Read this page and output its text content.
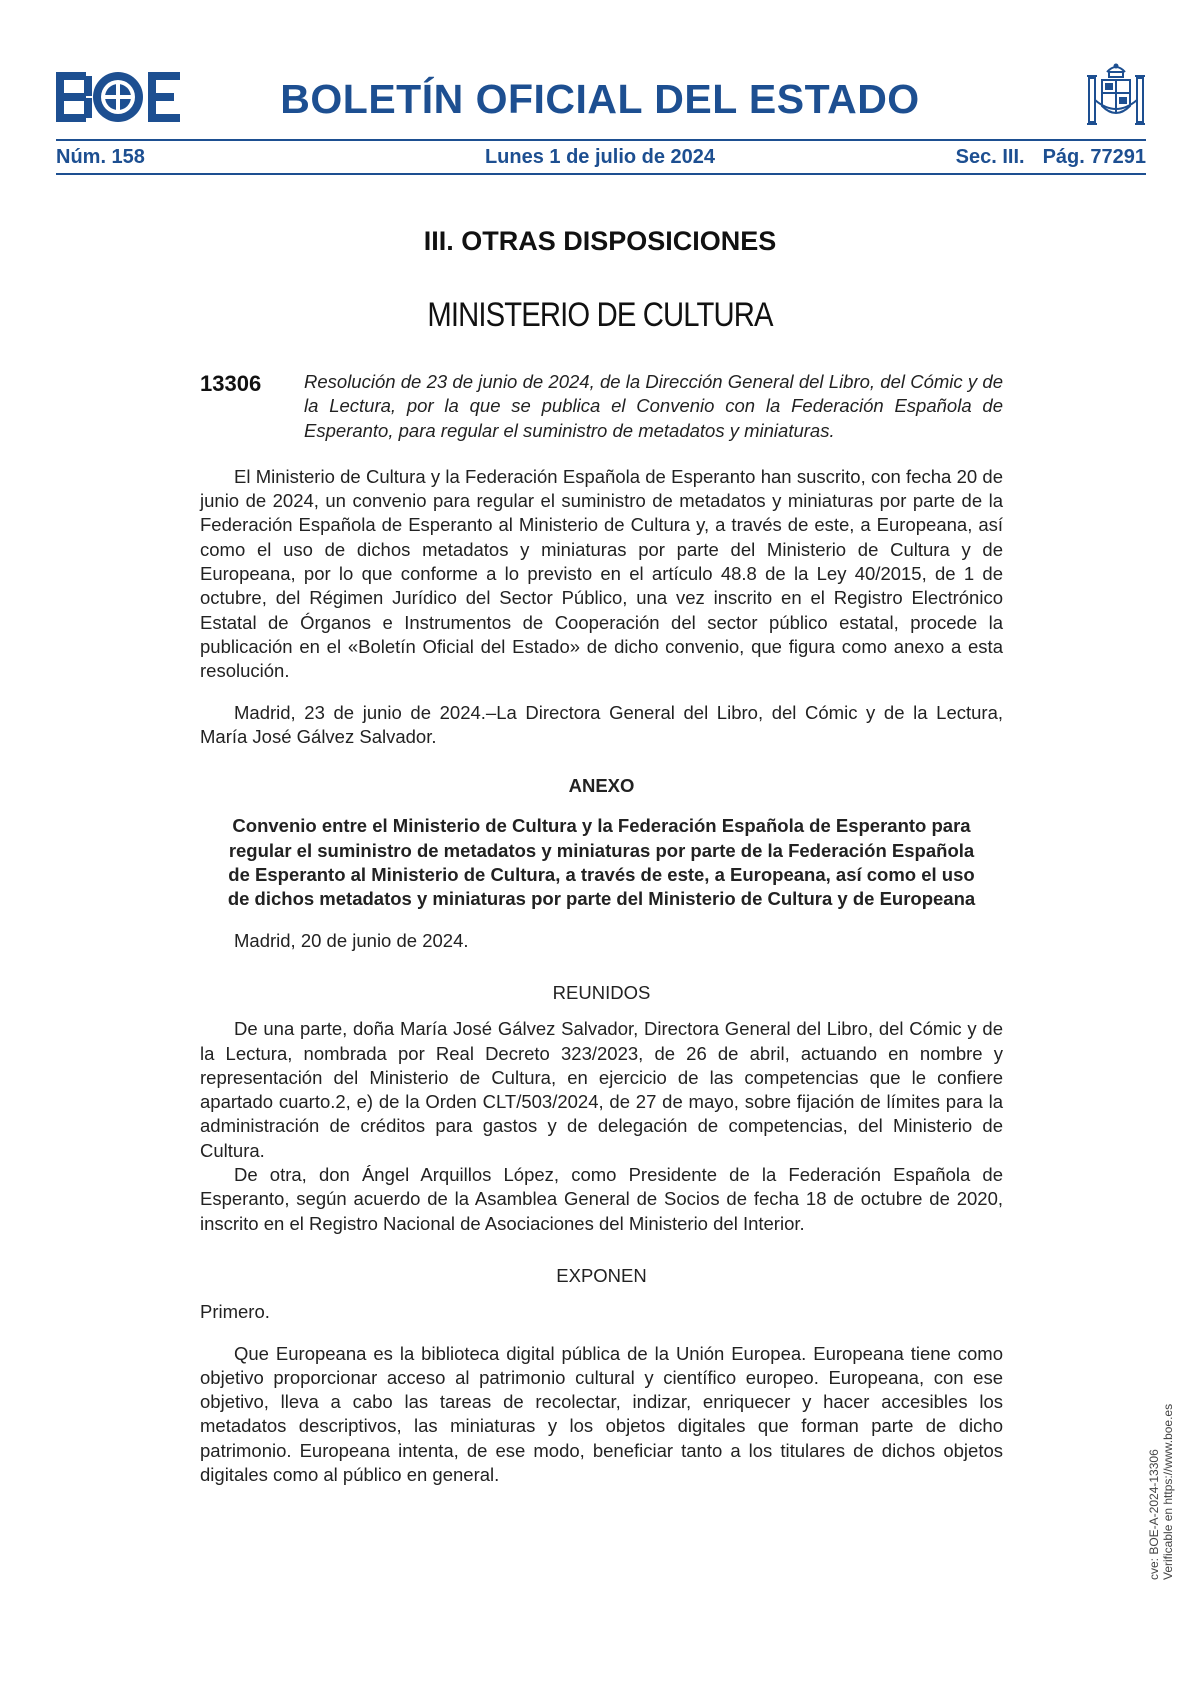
BOLETÍN OFICIAL DEL ESTADO
Núm. 158	Lunes 1 de julio de 2024	Sec. III. Pág. 77291
III. OTRAS DISPOSICIONES
MINISTERIO DE CULTURA
13306	Resolución de 23 de junio de 2024, de la Dirección General del Libro, del Cómic y de la Lectura, por la que se publica el Convenio con la Federación Española de Esperanto, para regular el suministro de metadatos y miniaturas.

El Ministerio de Cultura y la Federación Española de Esperanto han suscrito, con fecha 20 de junio de 2024, un convenio para regular el suministro de metadatos y miniaturas por parte de la Federación Española de Esperanto al Ministerio de Cultura y, a través de este, a Europeana, así como el uso de dichos metadatos y miniaturas por parte del Ministerio de Cultura y de Europeana, por lo que conforme a lo previsto en el artículo 48.8 de la Ley 40/2015, de 1 de octubre, del Régimen Jurídico del Sector Público, una vez inscrito en el Registro Electrónico Estatal de Órganos e Instrumentos de Cooperación del sector público estatal, procede la publicación en el «Boletín Oficial del Estado» de dicho convenio, que figura como anexo a esta resolución.

Madrid, 23 de junio de 2024.–La Directora General del Libro, del Cómic y de la Lectura, María José Gálvez Salvador.

ANEXO
Convenio entre el Ministerio de Cultura y la Federación Española de Esperanto para regular el suministro de metadatos y miniaturas por parte de la Federación Española de Esperanto al Ministerio de Cultura, a través de este, a Europeana, así como el uso de dichos metadatos y miniaturas por parte del Ministerio de Cultura y de Europeana

Madrid, 20 de junio de 2024.

REUNIDOS

De una parte, doña María José Gálvez Salvador, Directora General del Libro, del Cómic y de la Lectura, nombrada por Real Decreto 323/2023, de 26 de abril, actuando en nombre y representación del Ministerio de Cultura, en ejercicio de las competencias que le confiere apartado cuarto.2, e) de la Orden CLT/503/2024, de 27 de mayo, sobre fijación de límites para la administración de créditos para gastos y de delegación de competencias, del Ministerio de Cultura.

De otra, don Ángel Arquillos López, como Presidente de la Federación Española de Esperanto, según acuerdo de la Asamblea General de Socios de fecha 18 de octubre de 2020, inscrito en el Registro Nacional de Asociaciones del Ministerio del Interior.

EXPONEN

Primero.

Que Europeana es la biblioteca digital pública de la Unión Europea. Europeana tiene como objetivo proporcionar acceso al patrimonio cultural y científico europeo. Europeana, con ese objetivo, lleva a cabo las tareas de recolectar, indizar, enriquecer y hacer accesibles los metadatos descriptivos, las miniaturas y los objetos digitales que forman parte de dicho patrimonio. Europeana intenta, de ese modo, beneficiar tanto a los titulares de dichos objetos digitales como al público en general.	cve: BOE-A-2024-13306 Verificable en https://www.boe.es
